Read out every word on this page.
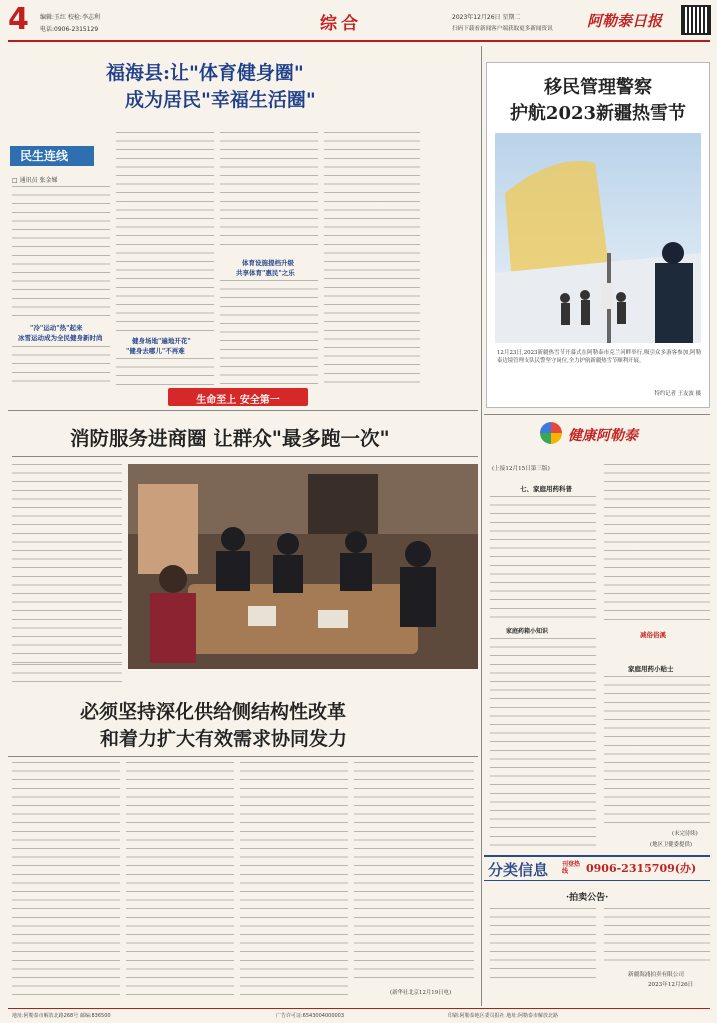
4 编辑:玉红 校检:李志利
电话:0906-2315129	综合	2023年12月26日 星期二
扫码下载看新闻客户端获取更多新闻资讯 阿勒泰日报
福海县:让"体育健身圈"
成为居民"幸福生活圈"
民生连线
□ 通讯员 张金娣
"冷"运动"热"起来
冰雪运动成为全民健身新时尚	健身场地"遍地开花"
"健身去哪儿"不再难
体育设施提档升级
共享体育"惠民"之乐
移民管理警察
护航2023新疆热雪节
12月23日,2023新疆热雪节开幕式在阿勒泰市克兰河畔举行,吸引众多游客参加,阿勒泰边境管理支队民警坚守岗位,全力护航新疆热雪节顺利开展。
特约记者 王友波 摄
生命至上 安全第一
消防服务进商圈 让群众"最多跑一次"
必须坚持深化供给侧结构性改革
和着力扩大有效需求协同发力
(新华社北京12月19日电)
健康阿勒泰
(上接12月15日第三版)
七、家庭用药科普
家庭药箱小知识	减俗俗溪
家庭用药小贴士
(未完待续)
(地区卫健委提供)
分类信息 刊登热线	0906-2315709(办)
·拍卖公告·
新疆海浦拍卖有限公司
2023年12月26日
地址:阿勒泰市解放北路268号 邮编:836500	广告许可证:6543004000003	印刷:阿勒泰地区委员报社 地址:阿勒泰市解放北路
